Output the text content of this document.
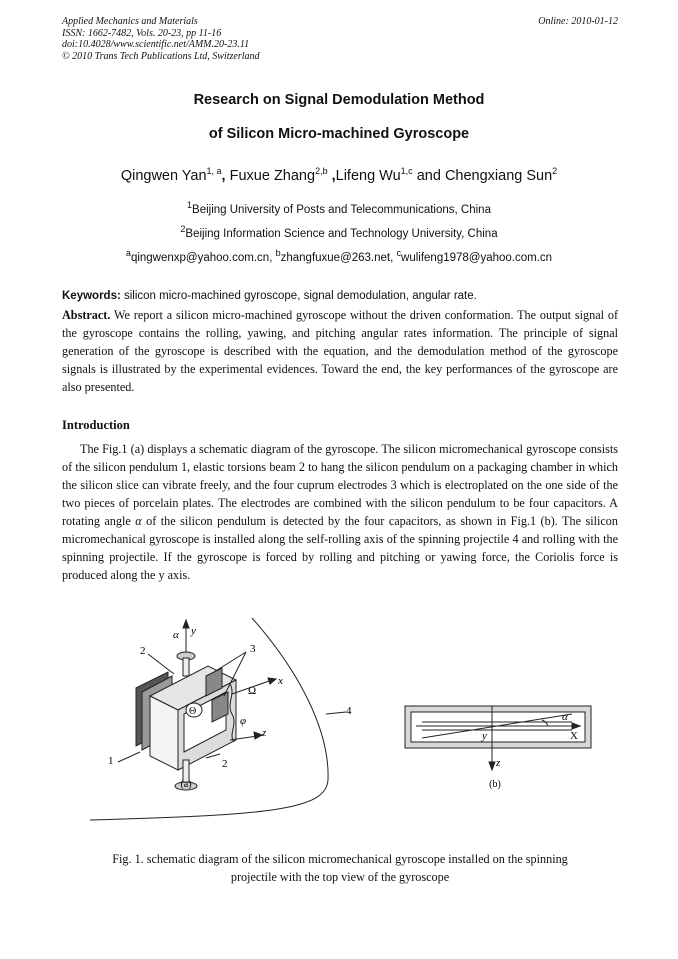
Applied Mechanics and Materials
ISSN: 1662-7482, Vols. 20-23, pp 11-16
doi:10.4028/www.scientific.net/AMM.20-23.11
© 2010 Trans Tech Publications Ltd, Switzerland
Online: 2010-01-12
Research on Signal Demodulation Method
of Silicon Micro-machined Gyroscope
Qingwen Yan$^{1, a}$, Fuxue Zhang$^{2,b}$ ,Lifeng Wu$^{1,c}$ and Chengxiang Sun$^2$
$^1$Beijing University of Posts and Telecommunications, China
$^2$Beijing Information Science and Technology University, China
$^a$qingwenxp@yahoo.com.cn, $^b$zhangfuxue@263.net, $^c$wulifeng1978@yahoo.com.cn
Keywords: silicon micro-machined gyroscope, signal demodulation, angular rate.
Abstract. We report a silicon micro-machined gyroscope without the driven conformation. The output signal of the gyroscope contains the rolling, yawing, and pitching angular rates information. The principle of signal generation of the gyroscope is described with the equation, and the demodulation method of the gyroscope signals is illustrated by the experimental evidences. Toward the end, the key performances of the gyroscope are also presented.
Introduction
The Fig.1 (a) displays a schematic diagram of the gyroscope. The silicon micromechanical gyroscope consists of the silicon pendulum 1, elastic torsions beam 2 to hang the silicon pendulum on a packaging chamber in which the silicon slice can vibrate freely, and the four cuprum electrodes 3 which is electroplated on the one side of the two pieces of porcelain plates. The electrodes are combined with the silicon pendulum to be four capacitors. A rotating angle α of the silicon pendulum is detected by the four capacitors, as shown in Fig.1 (b). The silicon micromechanical gyroscope is installed along the self-rolling axis of the spinning projectile 4 and rolling with the spinning projectile. If the gyroscope is forced by rolling and pitching or yawing force, the Coriolis force is produced along the y axis.
y
α
2	3
x
Ω
Θ
φ
z
4
1	2
(a)
α
y	X
z
(b)
Fig. 1. schematic diagram of the silicon micromechanical gyroscope installed on the spinning
projectile with the top view of the gyroscope
